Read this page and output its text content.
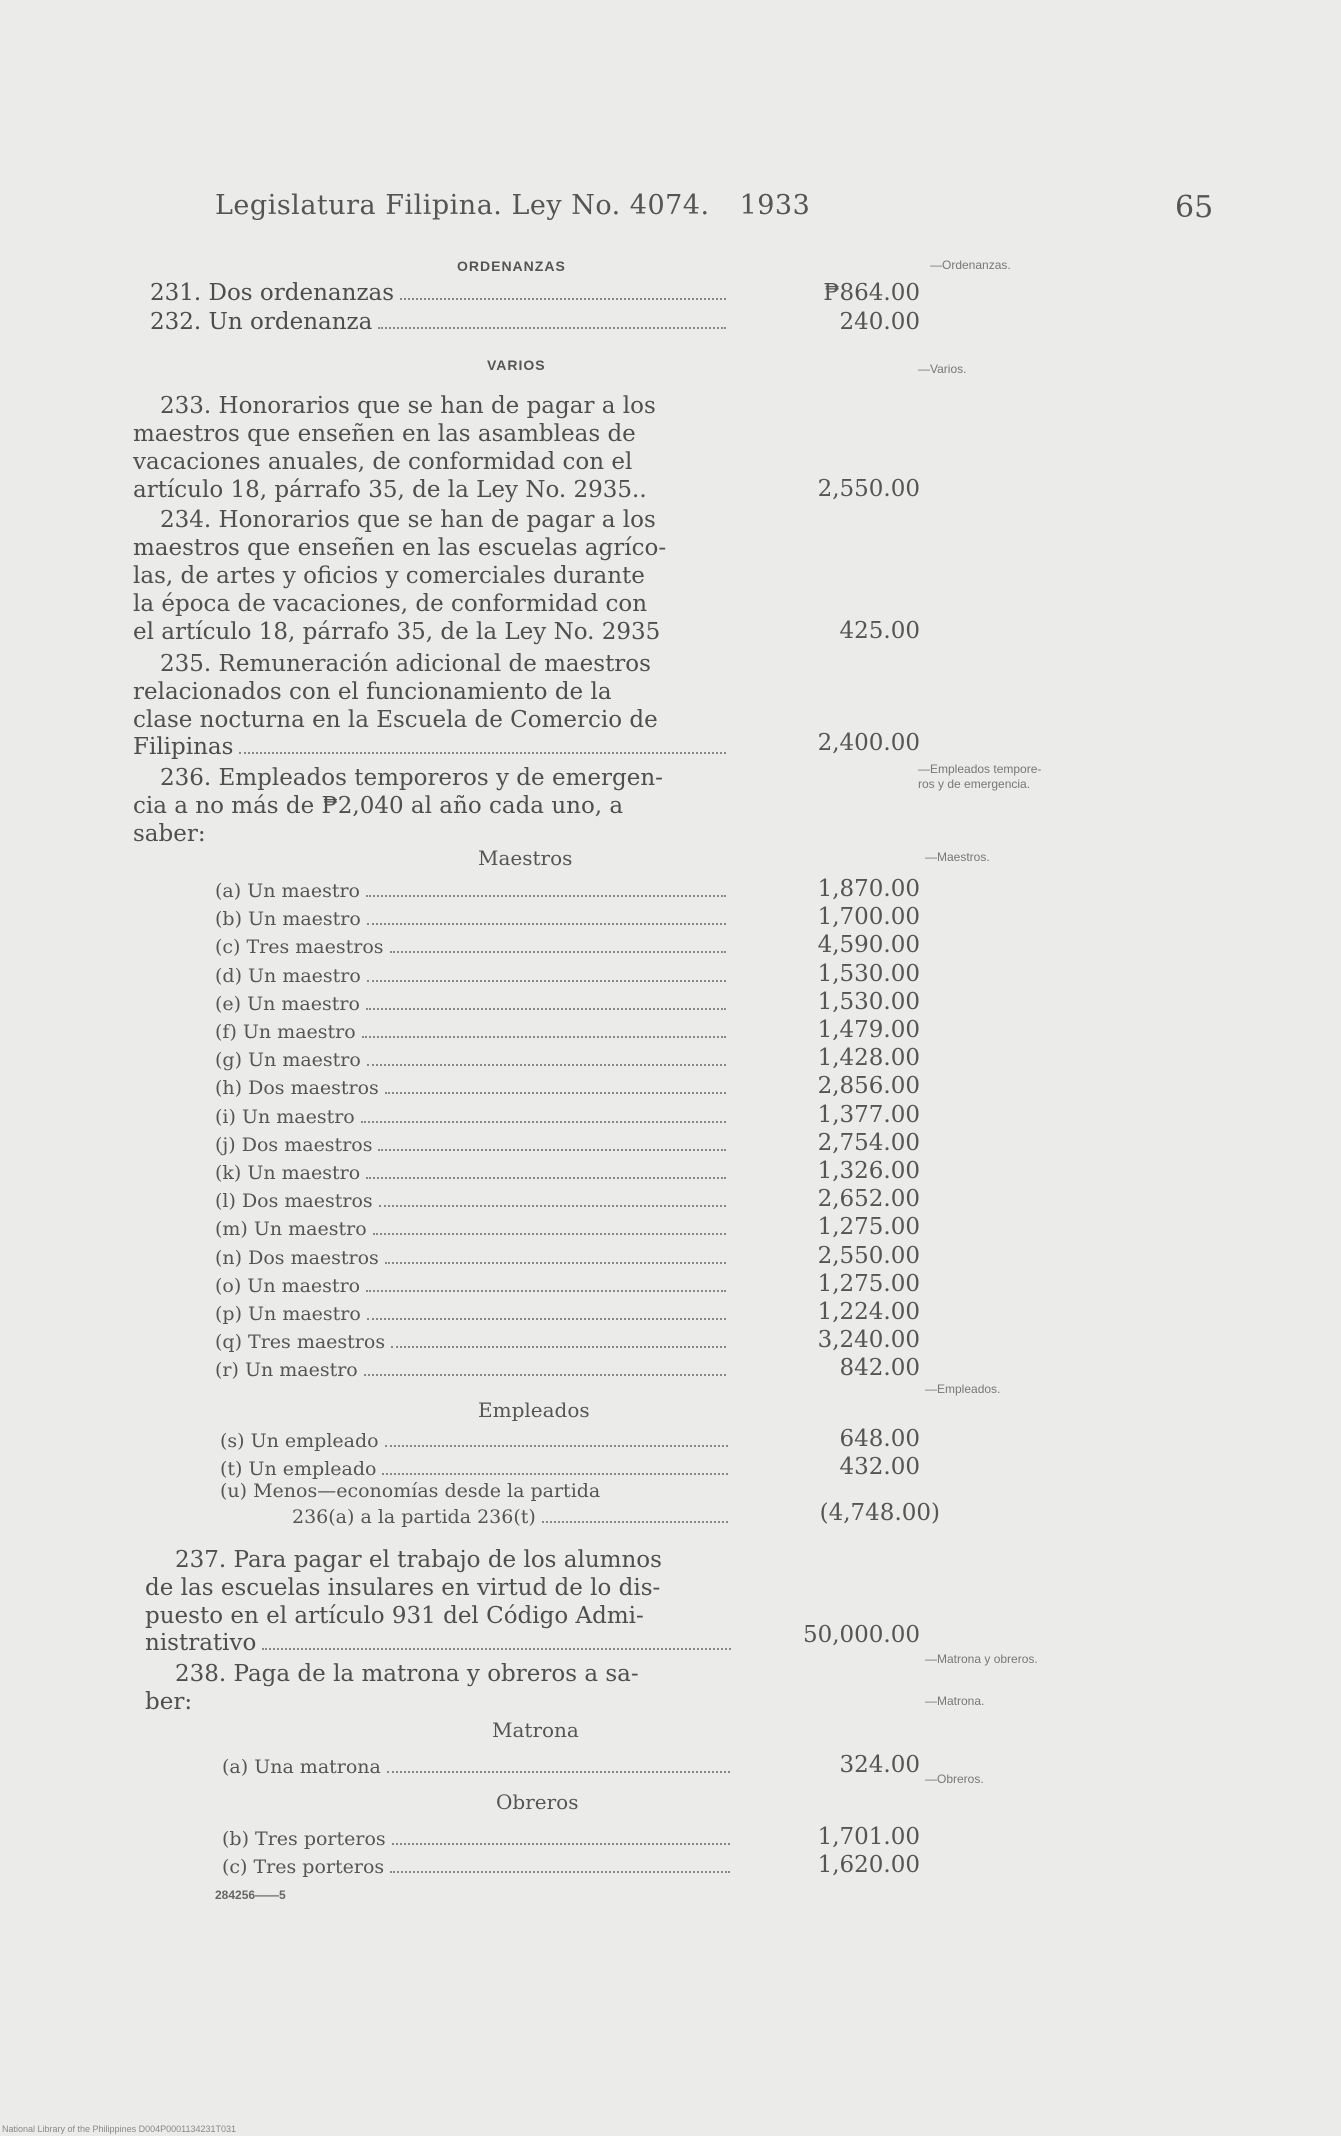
Legislatura Filipina. Ley No. 4074. 1933	65
ORDENANZAS	—Ordenanzas.
231. Dos ordenanzas	₱864.00
232. Un ordenanza	240.00
VARIOS	—Varios.
233. Honorarios que se han de pagar a los
maestros que enseñen en las asambleas de
vacaciones anuales, de conformidad con el
artículo 18, párrafo 35, de la Ley No. 2935..	2,550.00
234. Honorarios que se han de pagar a los
maestros que enseñen en las escuelas agríco-
las, de artes y oficios y comerciales durante
la época de vacaciones, de conformidad con
el artículo 18, párrafo 35, de la Ley No. 2935	425.00
235. Remuneración adicional de maestros
relacionados con el funcionamiento de la
clase nocturna en la Escuela de Comercio de
Filipinas	2,400.00
236. Empleados temporeros y de emergen-
cia a no más de ₱2,040 al año cada uno, a
saber:
—Empleados tempore-
ros y de emergencia.
Maestros	—Maestros.
(a) Un maestro	1,870.00
(b) Un maestro	1,700.00
(c) Tres maestros	4,590.00
(d) Un maestro	1,530.00
(e) Un maestro	1,530.00
(f) Un maestro	1,479.00
(g) Un maestro	1,428.00
(h) Dos maestros	2,856.00
(i) Un maestro	1,377.00
(j) Dos maestros	2,754.00
(k) Un maestro	1,326.00
(l) Dos maestros	2,652.00
(m) Un maestro	1,275.00
(n) Dos maestros	2,550.00
(o) Un maestro	1,275.00
(p) Un maestro	1,224.00
(q) Tres maestros	3,240.00
(r) Un maestro	842.00
Empleados
—Empleados.
(s) Un empleado	648.00
(t) Un empleado	432.00
(u) Menos—economías desde la partida
236(a) a la partida 236(t)	(4,748.00)
237. Para pagar el trabajo de los alumnos
de las escuelas insulares en virtud de lo dis-
puesto en el artículo 931 del Código Admi-
nistrativo	50,000.00
—Matrona y obreros.
238. Paga de la matrona y obreros a sa-
ber:	—Matrona.
Matrona
(a) Una matrona	324.00
—Obreros.
Obreros
(b) Tres porteros	1,701.00
(c) Tres porteros	1,620.00
284256——5
National Library of the Philippines D004P0001134231T031
